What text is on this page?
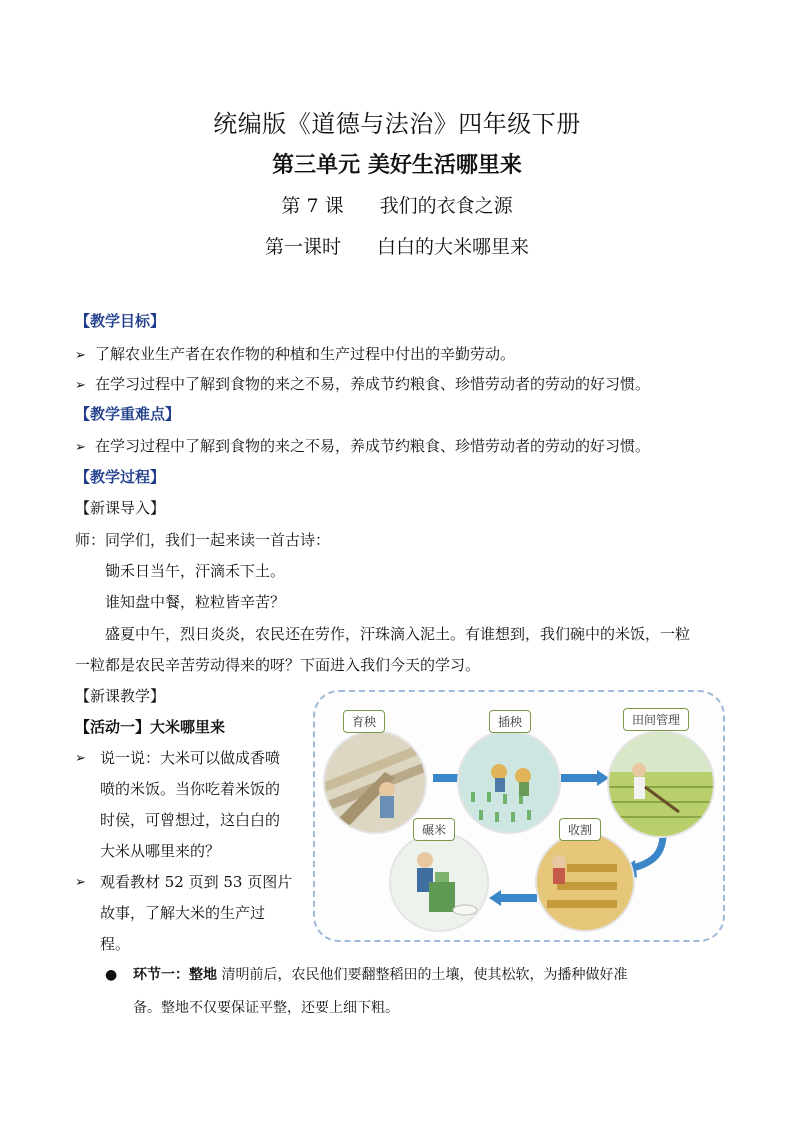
统编版《道德与法治》四年级下册
第三单元 美好生活哪里来
第 7 课 我们的衣食之源
第一课时 白白的大米哪里来
【教学目标】
➢ 了解农业生产者在农作物的种植和生产过程中付出的辛勤劳动。
➢ 在学习过程中了解到食物的来之不易，养成节约粮食、珍惜劳动者的劳动的好习惯。
【教学重难点】
➢ 在学习过程中了解到食物的来之不易，养成节约粮食、珍惜劳动者的劳动的好习惯。
【教学过程】
【新课导入】
师：同学们，我们一起来读一首古诗：
锄禾日当午，汗滴禾下土。
谁知盘中餐，粒粒皆辛苦？
盛夏中午，烈日炎炎，农民还在劳作，汗珠滴入泥土。有谁想到，我们碗中的米饭，一粒
一粒都是农民辛苦劳动得来的呀？下面进入我们今天的学习。
【新课教学】
【活动一】大米哪里来
➢ 说一说：大米可以做成香喷
喷的米饭。当你吃着米饭的
时侯，可曾想过，这白白的
大米从哪里来的？
➢ 观看教材 52 页到 53 页图片
故事，了解大米的生产过
程。
育秧	插秧	田间管理
收割
碾米
● 环节一：整地 清明前后，农民他们要翻整稻田的土壤，使其松软，为播种做好准
备。整地不仅要保证平整，还要上细下粗。
